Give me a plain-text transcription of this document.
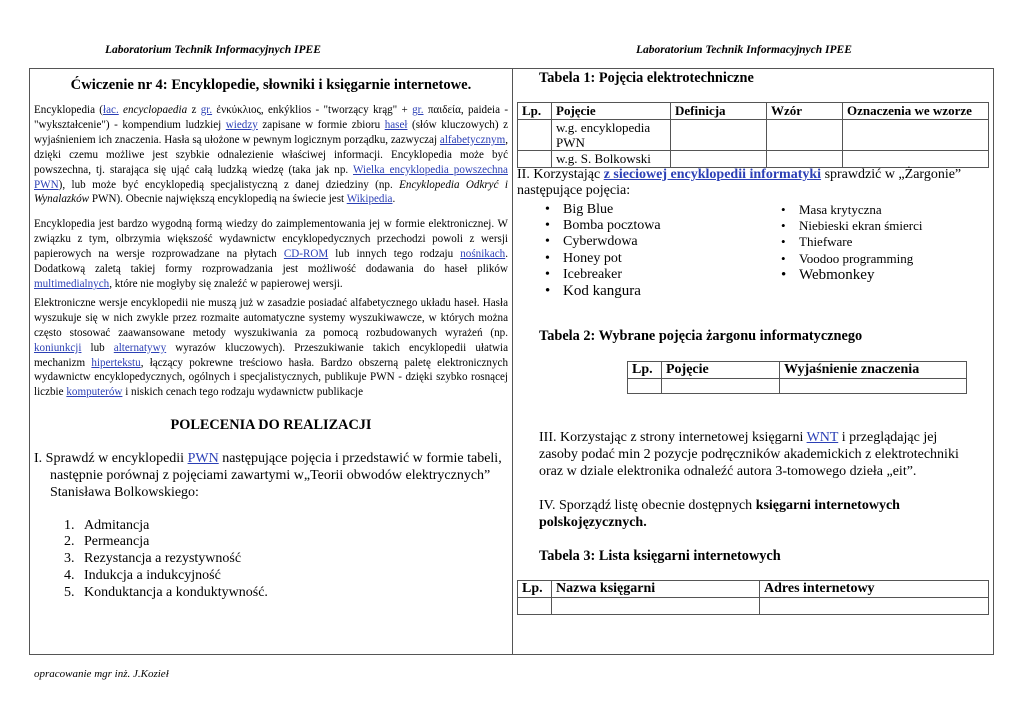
Laboratorium Technik Informacyjnych IPEE	Laboratorium Technik Informacyjnych IPEE
Ćwiczenie nr 4: Encyklopedie, słowniki i księgarnie internetowe.

Encyklopedia (łac. encyclopaedia z gr. ἐνκύκλιος, enkýklios - "tworzący krąg" + gr. παιδεία, paideia - "wykształcenie") - kompendium ludzkiej wiedzy zapisane w formie zbioru haseł (słów kluczowych) z wyjaśnieniem ich znaczenia. Hasła są ułożone w pewnym logicznym porządku, zazwyczaj alfabetycznym, dzięki czemu możliwe jest szybkie odnalezienie właściwej informacji. Encyklopedia może być powszechna, tj. starająca się ująć całą ludzką wiedzę (taka jak np. Wielka encyklopedia powszechna PWN), lub może być encyklopedią specjalistyczną z danej dziedziny (np. Encyklopedia Odkryć i Wynalazków PWN). Obecnie największą encyklopedią na świecie jest Wikipedia.

Encyklopedia jest bardzo wygodną formą wiedzy do zaimplementowania jej w formie elektronicznej. W związku z tym, olbrzymia większość wydawnictw encyklopedycznych przechodzi powoli z wersji papierowych na wersje rozprowadzane na płytach CD-ROM lub innych tego rodzaju nośnikach. Dodatkową zaletą takiej formy rozprowadzania jest możliwość dodawania do haseł plików multimedialnych, które nie mogłyby się znaleźć w papierowej wersji.

Elektroniczne wersje encyklopedii nie muszą już w zasadzie posiadać alfabetycznego układu haseł. Hasła wyszukuje się w nich zwykle przez rozmaite automatyczne systemy wyszukiwawcze, w których można często stosować zaawansowane metody wyszukiwania za pomocą rozbudowanych wyrażeń (np. koniunkcji lub alternatywy wyrazów kluczowych). Przeszukiwanie takich encyklopedii ułatwia mechanizm hipertekstu, łączący pokrewne treściowo hasła. Bardzo obszerną paletę elektronicznych wydawnictw encyklopedycznych, ogólnych i specjalistycznych, publikuje PWN - dzięki szybko rosnącej liczbie komputerów i niskich cenach tego rodzaju wydawnictw publikacje

POLECENIA DO REALIZACJI
I. Sprawdź w encyklopedii PWN następujące pojęcia i przedstawić w formie tabeli, następnie porównaj z pojęciami zawartymi w„Teorii obwodów elektrycznych” Stanisława Bolkowskiego:
1. Admitancja
2. Permeancja
3. Rezystancja a rezystywność
4. Indukcja a indukcyjność
5. Konduktancja a konduktywność.
Tabela 1: Pojęcia elektrotechniczne
Lp.	Pojęcie	Definicja	Wzór	Oznaczenia we wzorze
	w.g. encyklopedia PWN			
	w.g. S. Bolkowski			
II. Korzystając z sieciowej encyklopedii informatyki sprawdzić w „Żargonie” następujące pojęcia:
• Big Blue
• Bomba pocztowa
• Cyberwdowa
• Honey pot
• Icebreaker
• Kod kangura
• Masa krytyczna
• Niebieski ekran śmierci
• Thiefware
• Voodoo programming
• Webmonkey
Tabela 2: Wybrane pojęcia żargonu informatycznego
Lp.	Pojęcie	Wyjaśnienie znaczenia

III. Korzystając z strony internetowej księgarni WNT i przeglądając jej zasoby podać min 2 pozycje podręczników akademickich z elektrotechniki oraz w dziale elektronika odnaleźć autora 3-tomowego dzieła „eit”.
IV. Sporządź listę obecnie dostępnych księgarni internetowych polskojęzycznych.
Tabela 3: Lista księgarni internetowych
Lp.	Nazwa księgarni	Adres internetowy

opracowanie mgr inż. J.Kozieł
